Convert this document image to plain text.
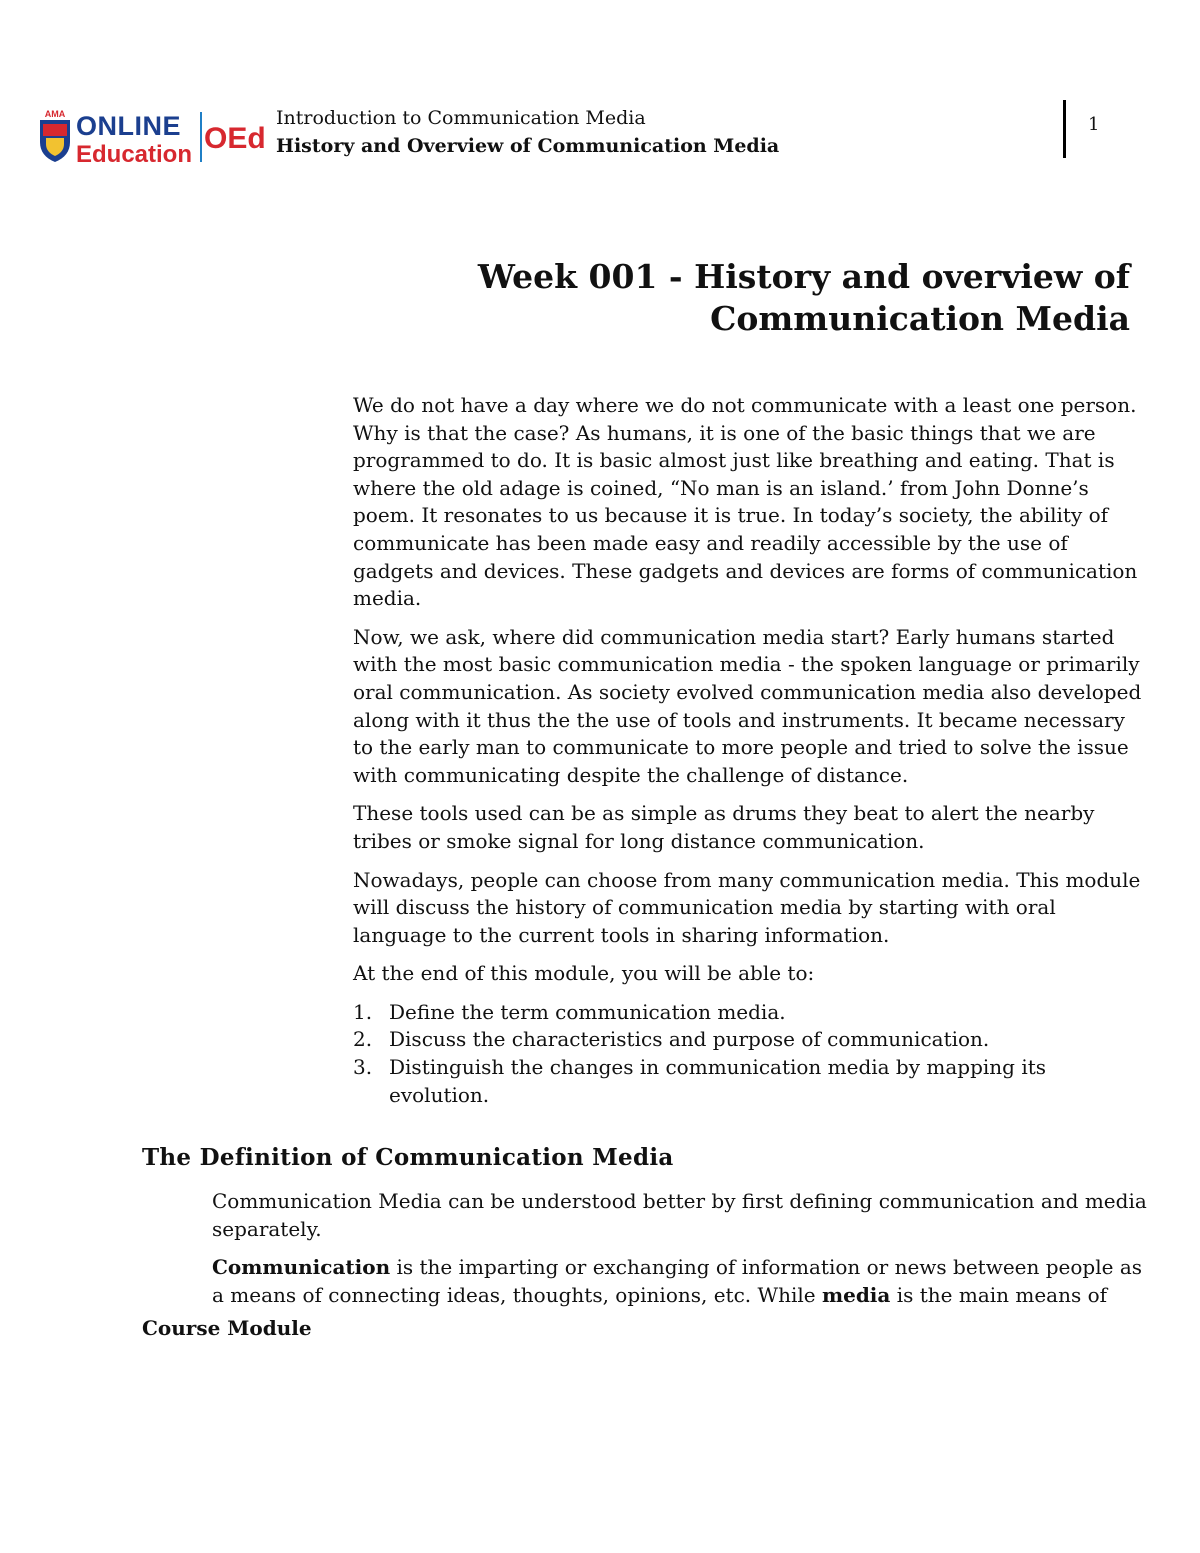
AMA ONLINE
Education OEd
Introduction to Communication Media
History and Overview of Communication Media
1
Week 001 - History and overview of
Communication Media

We do not have a day where we do not communicate with a least one person. Why is that the case? As humans, it is one of the basic things that we are programmed to do. It is basic almost just like breathing and eating. That is where the old adage is coined, “No man is an island.’ from John Donne’s poem. It resonates to us because it is true. In today’s society, the ability of communicate has been made easy and readily accessible by the use of gadgets and devices. These gadgets and devices are forms of communication media.

Now, we ask, where did communication media start? Early humans started with the most basic communication media - the spoken language or primarily oral communication. As society evolved communication media also developed along with it thus the the use of tools and instruments. It became necessary to the early man to communicate to more people and tried to solve the issue with communicating despite the challenge of distance.

These tools used can be as simple as drums they beat to alert the nearby tribes or smoke signal for long distance communication.

Nowadays, people can choose from many communication media. This module will discuss the history of communication media by starting with oral language to the current tools in sharing information.

At the end of this module, you will be able to:

1. Define the term communication media.
2. Discuss the characteristics and purpose of communication.
3. Distinguish the changes in communication media by mapping its evolution.
The Definition of Communication Media

Communication Media can be understood better by first defining communication and media separately.

Communication is the imparting or exchanging of information or news between people as a means of connecting ideas, thoughts, opinions, etc. While media is the main means of

Course Module
